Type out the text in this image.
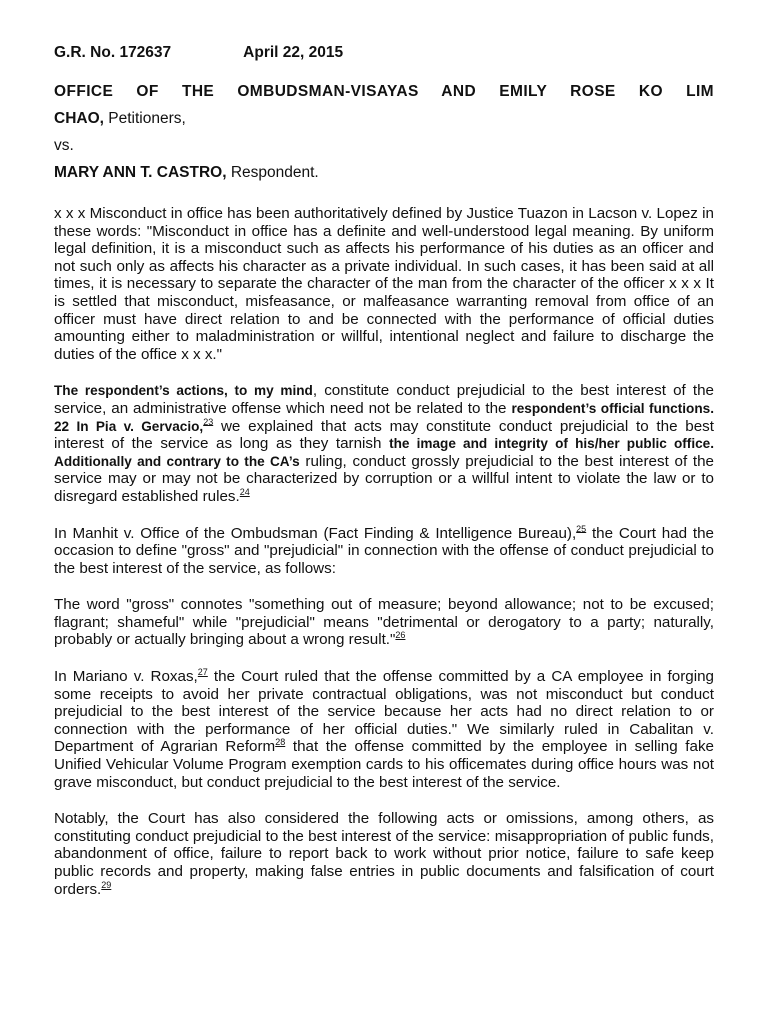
G.R. No. 172637	April 22, 2015

OFFICE OF THE OMBUDSMAN-VISAYAS AND EMILY ROSE KO LIM

CHAO, Petitioners,

vs.

MARY ANN T. CASTRO, Respondent.

x x x Misconduct in office has been authoritatively defined by Justice Tuazon in Lacson v. Lopez in these words: "Misconduct in office has a definite and well-understood legal meaning. By uniform legal definition, it is a misconduct such as affects his performance of his duties as an officer and not such only as affects his character as a private individual. In such cases, it has been said at all times, it is necessary to separate the character of the man from the character of the officer x x x It is settled that misconduct, misfeasance, or malfeasance warranting removal from office of an officer must have direct relation to and be connected with the performance of official duties amounting either to maladministration or willful, intentional neglect and failure to discharge the duties of the office x x x."

The respondent’s actions, to my mind, constitute conduct prejudicial to the best interest of the service, an administrative offense which need not be related to the respondent’s official functions. 22 In Pia v. Gervacio,$^{23}$ we explained that acts may constitute conduct prejudicial to the best interest of the service as long as they tarnish the image and integrity of his/her public office. Additionally and contrary to the CA’s ruling, conduct grossly prejudicial to the best interest of the service may or may not be characterized by corruption or a willful intent to violate the law or to disregard established rules.$^{24}$

In Manhit v. Office of the Ombudsman (Fact Finding & Intelligence Bureau),$^{25}$ the Court had the occasion to define "gross" and "prejudicial" in connection with the offense of conduct prejudicial to the best interest of the service, as follows:

The word "gross" connotes "something out of measure; beyond allowance; not to be excused; flagrant; shameful" while "prejudicial" means "detrimental or derogatory to a party; naturally, probably or actually bringing about a wrong result."$^{26}$

In Mariano v. Roxas,$^{27}$ the Court ruled that the offense committed by a CA employee in forging some receipts to avoid her private contractual obligations, was not misconduct but conduct prejudicial to the best interest of the service because her acts had no direct relation to or connection with the performance of her official duties." We similarly ruled in Cabalitan v. Department of Agrarian Reform$^{28}$ that the offense committed by the employee in selling fake Unified Vehicular Volume Program exemption cards to his officemates during office hours was not grave misconduct, but conduct prejudicial to the best interest of the service.

Notably, the Court has also considered the following acts or omissions, among others, as constituting conduct prejudicial to the best interest of the service: misappropriation of public funds, abandonment of office, failure to report back to work without prior notice, failure to safe keep public records and property, making false entries in public documents and falsification of court orders.$^{29}$
